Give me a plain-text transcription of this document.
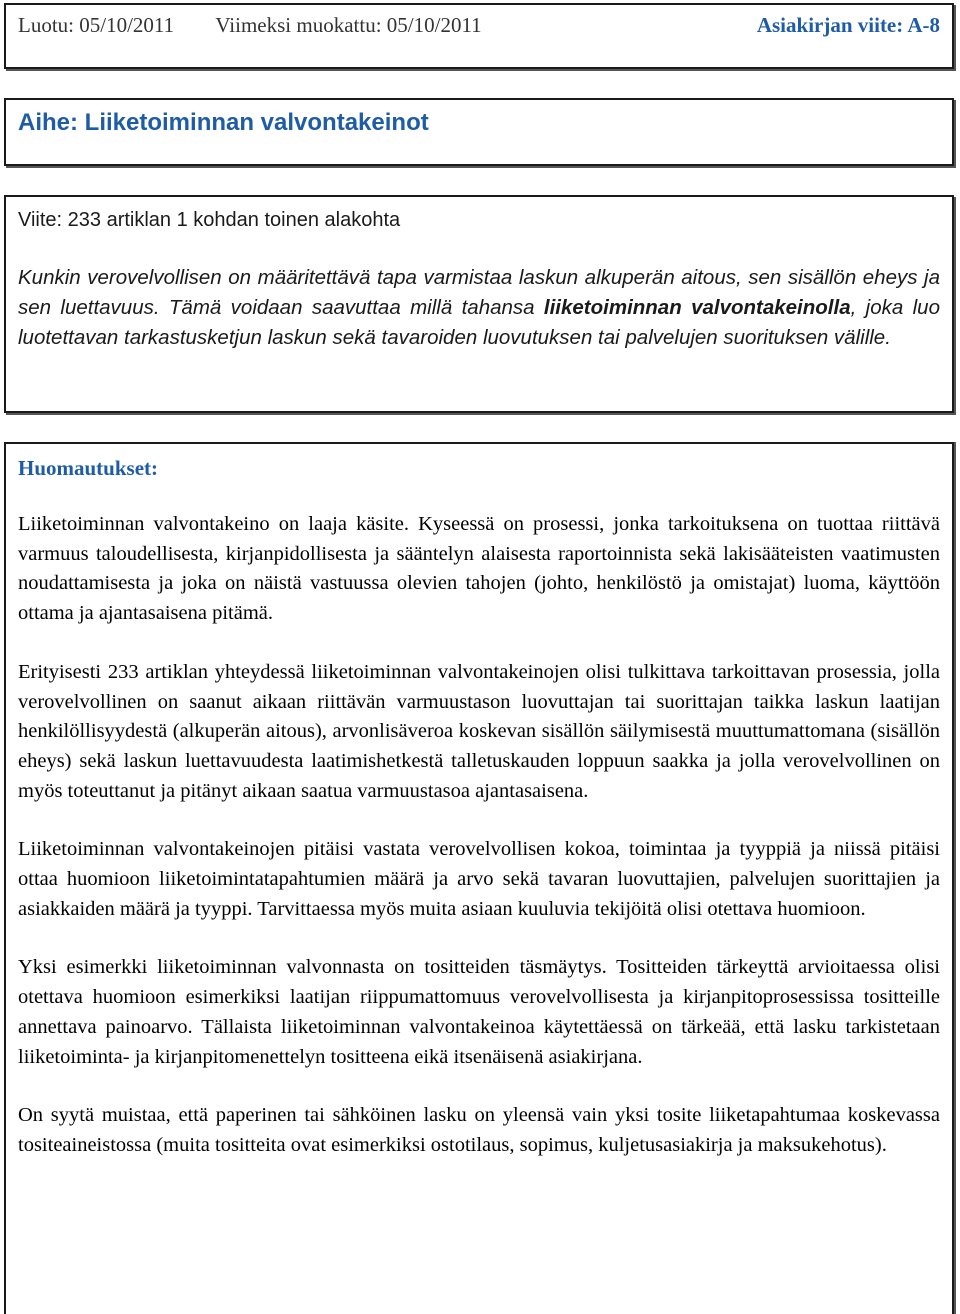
Luotu: 05/10/2011 Viimeksi muokattu: 05/10/2011	Asiakirjan viite: A-8
Aihe: Liiketoiminnan valvontakeinot
Viite: 233 artiklan 1 kohdan toinen alakohta
Kunkin verovelvollisen on määritettävä tapa varmistaa laskun alkuperän aitous, sen sisällön eheys ja sen luettavuus. Tämä voidaan saavuttaa millä tahansa liiketoiminnan valvontakeinolla, joka luo luotettavan tarkastusketjun laskun sekä tavaroiden luovutuksen tai palvelujen suorituksen välille.
Huomautukset:

Liiketoiminnan valvontakeino on laaja käsite. Kyseessä on prosessi, jonka tarkoituksena on tuottaa riittävä varmuus taloudellisesta, kirjanpidollisesta ja sääntelyn alaisesta raportoinnista sekä lakisääteisten vaatimusten noudattamisesta ja joka on näistä vastuussa olevien tahojen (johto, henkilöstö ja omistajat) luoma, käyttöön ottama ja ajantasaisena pitämä.

Erityisesti 233 artiklan yhteydessä liiketoiminnan valvontakeinojen olisi tulkittava tarkoittavan prosessia, jolla verovelvollinen on saanut aikaan riittävän varmuustason luovuttajan tai suorittajan taikka laskun laatijan henkilöllisyydestä (alkuperän aitous), arvonlisäveroa koskevan sisällön säilymisestä muuttumattomana (sisällön eheys) sekä laskun luettavuudesta laatimishetkestä talletuskauden loppuun saakka ja jolla verovelvollinen on myös toteuttanut ja pitänyt aikaan saatua varmuustasoa ajantasaisena.

Liiketoiminnan valvontakeinojen pitäisi vastata verovelvollisen kokoa, toimintaa ja tyyppiä ja niissä pitäisi ottaa huomioon liiketoimintatapahtumien määrä ja arvo sekä tavaran luovuttajien, palvelujen suorittajien ja asiakkaiden määrä ja tyyppi. Tarvittaessa myös muita asiaan kuuluvia tekijöitä olisi otettava huomioon.

Yksi esimerkki liiketoiminnan valvonnasta on tositteiden täsmäytys. Tositteiden tärkeyttä arvioitaessa olisi otettava huomioon esimerkiksi laatijan riippumattomuus verovelvollisesta ja kirjanpitoprosessissa tositteille annettava painoarvo. Tällaista liiketoiminnan valvontakeinoa käytettäessä on tärkeää, että lasku tarkistetaan liiketoiminta- ja kirjanpitomenettelyn tositteena eikä itsenäisenä asiakirjana.

On syytä muistaa, että paperinen tai sähköinen lasku on yleensä vain yksi tosite liiketapahtumaa koskevassa tositeaineistossa (muita tositteita ovat esimerkiksi ostotilaus, sopimus, kuljetusasiakirja ja maksukehotus).
